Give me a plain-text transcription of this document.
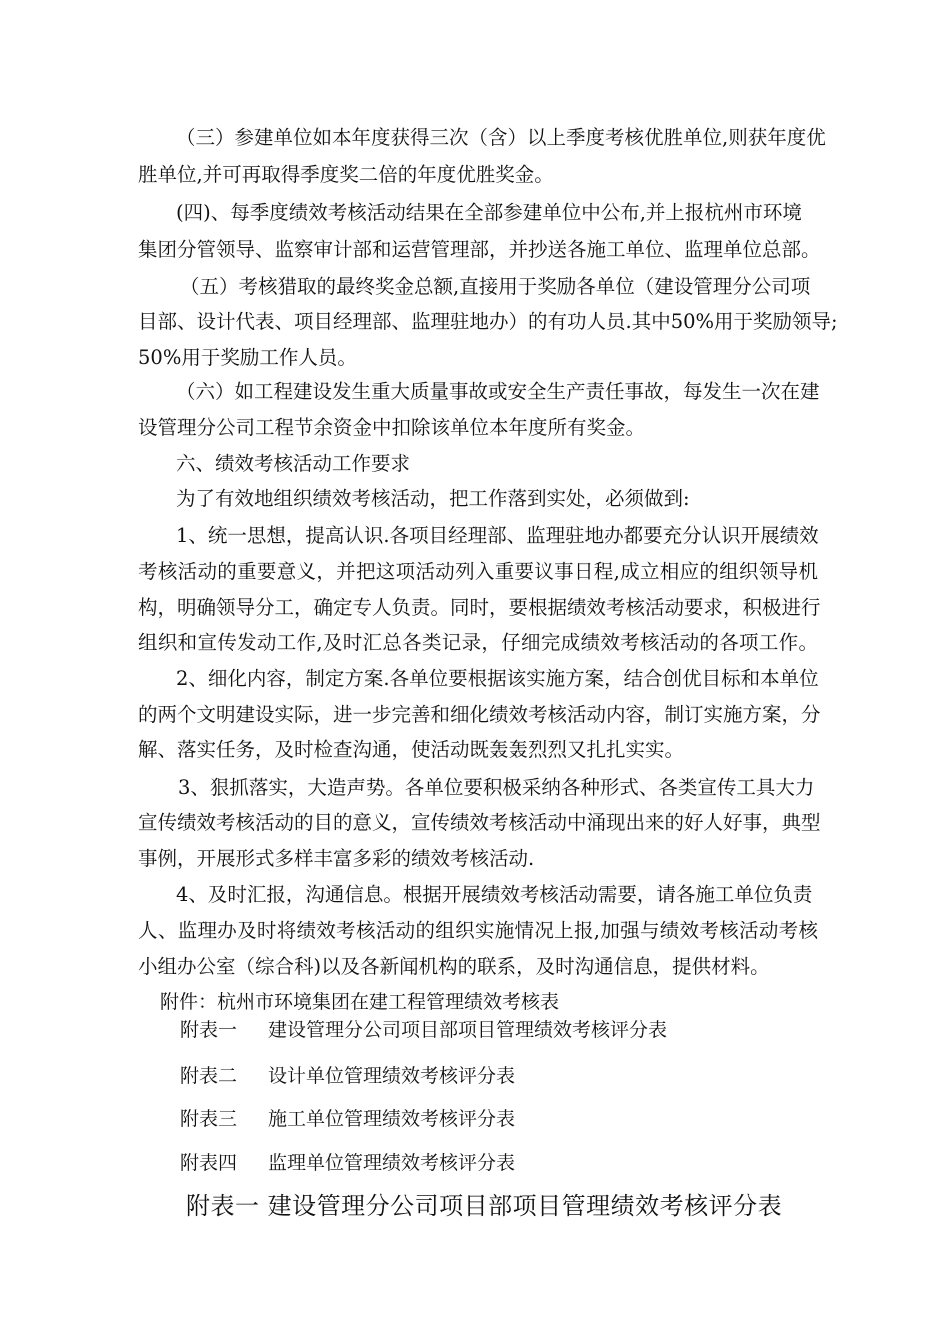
（三）参建单位如本年度获得三次（含）以上季度考核优胜单位,则获年度优
胜单位,并可再取得季度奖二倍的年度优胜奖金。
(四)、每季度绩效考核活动结果在全部参建单位中公布,并上报杭州市环境
集团分管领导、监察审计部和运营管理部，并抄送各施工单位、监理单位总部。
（五）考核猎取的最终奖金总额,直接用于奖励各单位（建设管理分公司项
目部、设计代表、项目经理部、监理驻地办）的有功人员.其中50%用于奖励领导;
50%用于奖励工作人员。
（六）如工程建设发生重大质量事故或安全生产责任事故，每发生一次在建
设管理分公司工程节余资金中扣除该单位本年度所有奖金。
六、绩效考核活动工作要求
为了有效地组织绩效考核活动，把工作落到实处，必须做到:
1、统一思想，提高认识.各项目经理部、监理驻地办都要充分认识开展绩效
考核活动的重要意义，并把这项活动列入重要议事日程,成立相应的组织领导机
构，明确领导分工，确定专人负责。同时，要根据绩效考核活动要求，积极进行
组织和宣传发动工作,及时汇总各类记录，仔细完成绩效考核活动的各项工作。
2、细化内容，制定方案.各单位要根据该实施方案，结合创优目标和本单位
的两个文明建设实际，进一步完善和细化绩效考核活动内容，制订实施方案，分
解、落实任务，及时检查沟通，使活动既轰轰烈烈又扎扎实实。
3、狠抓落实，大造声势。各单位要积极采纳各种形式、各类宣传工具大力
宣传绩效考核活动的目的意义，宣传绩效考核活动中涌现出来的好人好事，典型
事例，开展形式多样丰富多彩的绩效考核活动.
4、及时汇报，沟通信息。根据开展绩效考核活动需要，请各施工单位负责
人、监理办及时将绩效考核活动的组织实施情况上报,加强与绩效考核活动考核
小组办公室（综合科)以及各新闻机构的联系，及时沟通信息，提供材料。
附件：杭州市环境集团在建工程管理绩效考核表
附表一 建设管理分公司项目部项目管理绩效考核评分表
附表二 设计单位管理绩效考核评分表
附表三 施工单位管理绩效考核评分表
附表四 监理单位管理绩效考核评分表
附表一 建设管理分公司项目部项目管理绩效考核评分表
